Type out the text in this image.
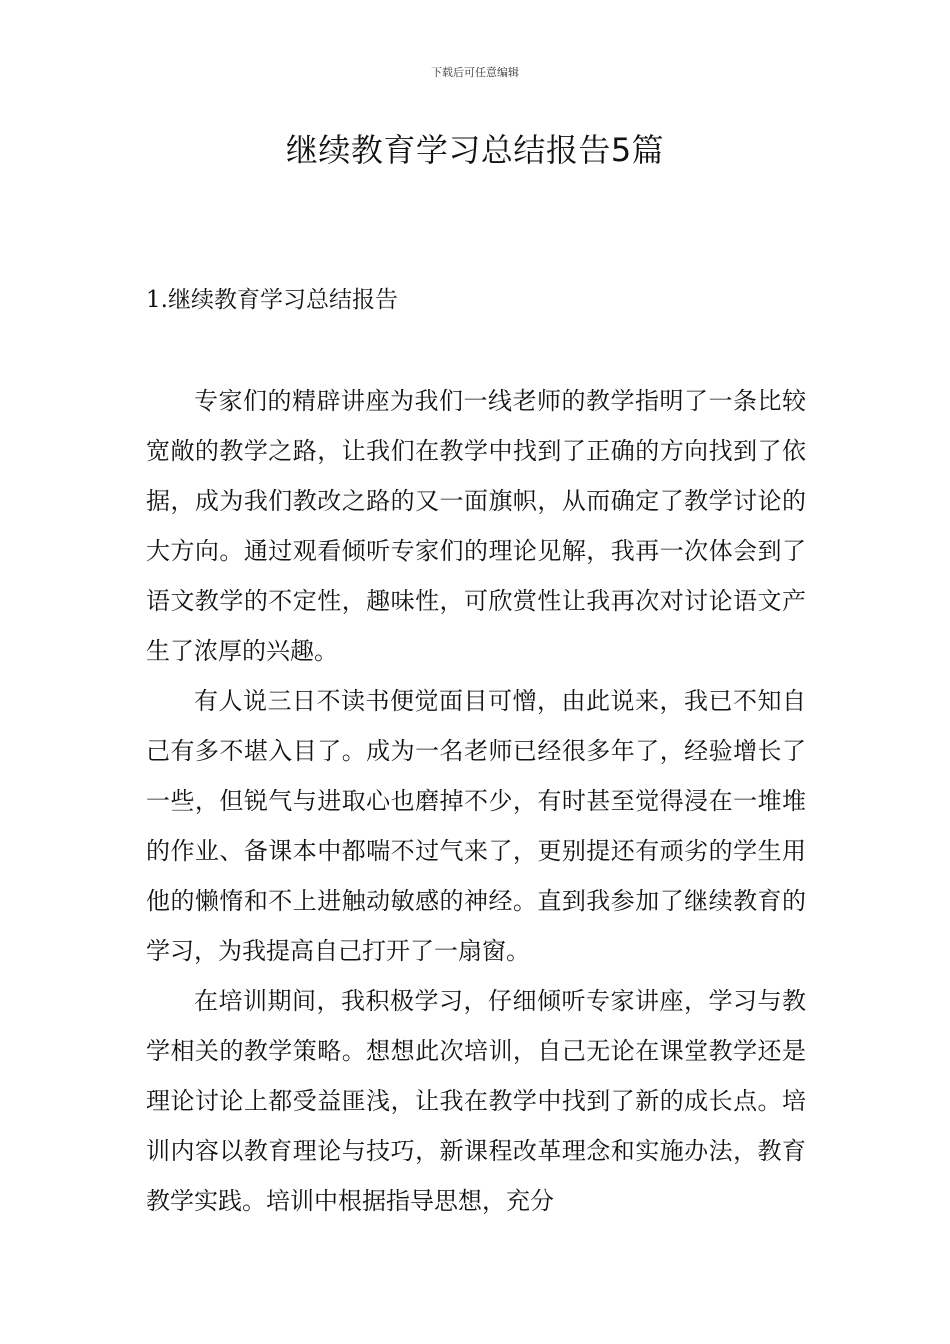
下载后可任意编辑
继续教育学习总结报告5篇
1.继续教育学习总结报告

专家们的精辟讲座为我们一线老师的教学指明了一条比较宽敞的教学之路，让我们在教学中找到了正确的方向找到了依据，成为我们教改之路的又一面旗帜，从而确定了教学讨论的大方向。通过观看倾听专家们的理论见解，我再一次体会到了语文教学的不定性，趣味性，可欣赏性让我再次对讨论语文产生了浓厚的兴趣。

有人说三日不读书便觉面目可憎，由此说来，我已不知自己有多不堪入目了。成为一名老师已经很多年了，经验增长了一些，但锐气与进取心也磨掉不少，有时甚至觉得浸在一堆堆的作业、备课本中都喘不过气来了，更别提还有顽劣的学生用他的懒惰和不上进触动敏感的神经。直到我参加了继续教育的学习，为我提高自己打开了一扇窗。

在培训期间，我积极学习，仔细倾听专家讲座，学习与教学相关的教学策略。想想此次培训，自己无论在课堂教学还是理论讨论上都受益匪浅，让我在教学中找到了新的成长点。培训内容以教育理论与技巧，新课程改革理念和实施办法，教育教学实践。培训中根据指导思想，充分
